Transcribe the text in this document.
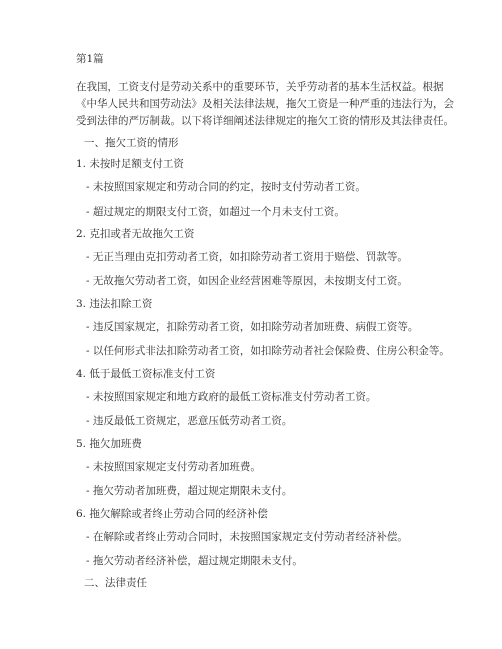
第1篇
在我国，工资支付是劳动关系中的重要环节，关乎劳动者的基本生活权益。根据
《中华人民共和国劳动法》及相关法律法规，拖欠工资是一种严重的违法行为，会
受到法律的严厉制裁。以下将详细阐述法律规定的拖欠工资的情形及其法律责任。
一、拖欠工资的情形
1. 未按时足额支付工资
- 未按照国家规定和劳动合同的约定，按时支付劳动者工资。
- 超过规定的期限支付工资，如超过一个月未支付工资。
2. 克扣或者无故拖欠工资
- 无正当理由克扣劳动者工资，如扣除劳动者工资用于赔偿、罚款等。
- 无故拖欠劳动者工资，如因企业经营困难等原因，未按期支付工资。
3. 违法扣除工资
- 违反国家规定，扣除劳动者工资，如扣除劳动者加班费、病假工资等。
- 以任何形式非法扣除劳动者工资，如扣除劳动者社会保险费、住房公积金等。
4. 低于最低工资标准支付工资
- 未按照国家规定和地方政府的最低工资标准支付劳动者工资。
- 违反最低工资规定，恶意压低劳动者工资。
5. 拖欠加班费
- 未按照国家规定支付劳动者加班费。
- 拖欠劳动者加班费，超过规定期限未支付。
6. 拖欠解除或者终止劳动合同的经济补偿
- 在解除或者终止劳动合同时，未按照国家规定支付劳动者经济补偿。
- 拖欠劳动者经济补偿，超过规定期限未支付。
二、法律责任
